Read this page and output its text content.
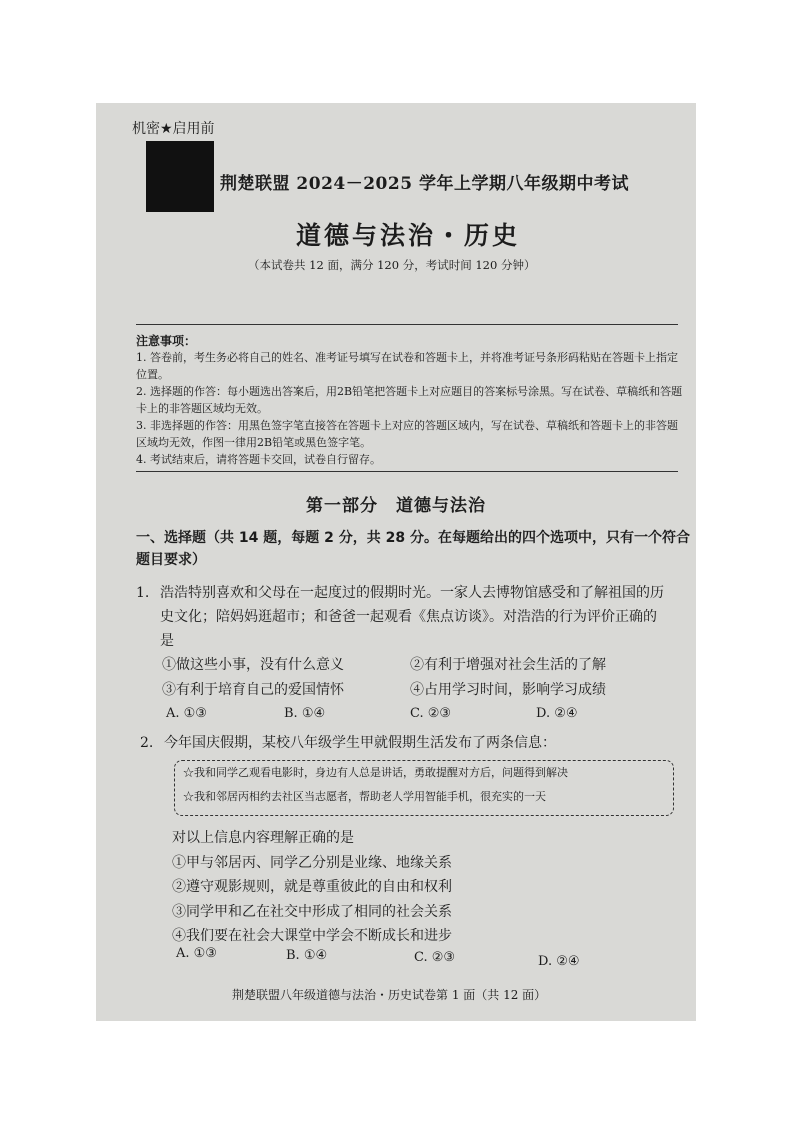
机密★启用前
荆楚联盟 2024－2025 学年上学期八年级期中考试
道德与法治・历史
（本试卷共 12 面，满分 120 分，考试时间 120 分钟）
注意事项：
1. 答卷前，考生务必将自己的姓名、准考证号填写在试卷和答题卡上，并将准考证号条形码粘贴在答题卡上指定位置。
2. 选择题的作答：每小题选出答案后，用2B铅笔把答题卡上对应题目的答案标号涂黑。写在试卷、草稿纸和答题卡上的非答题区域均无效。
3. 非选择题的作答：用黑色签字笔直接答在答题卡上对应的答题区域内，写在试卷、草稿纸和答题卡上的非答题区域均无效，作图一律用2B铅笔或黑色签字笔。
4. 考试结束后，请将答题卡交回，试卷自行留存。
第一部分　道德与法治
一、选择题（共 14 题，每题 2 分，共 28 分。在每题给出的四个选项中，只有一个符合题目要求）
1. 浩浩特别喜欢和父母在一起度过的假期时光。一家人去博物馆感受和了解祖国的历史文化；陪妈妈逛超市；和爸爸一起观看《焦点访谈》。对浩浩的行为评价正确的是
①做这些小事，没有什么意义	②有利于增强对社会生活的了解
③有利于培育自己的爱国情怀	④占用学习时间，影响学习成绩
A. ①③	B. ①④	C. ②③	D. ②④
2. 今年国庆假期，某校八年级学生甲就假期生活发布了两条信息：
☆我和同学乙观看电影时，身边有人总是讲话，勇敢提醒对方后，问题得到解决
☆我和邻居丙相约去社区当志愿者，帮助老人学用智能手机，很充实的一天
对以上信息内容理解正确的是
①甲与邻居丙、同学乙分别是业缘、地缘关系
②遵守观影规则，就是尊重彼此的自由和权利
③同学甲和乙在社交中形成了相同的社会关系
④我们要在社会大课堂中学会不断成长和进步
A. ①③	B. ①④	C. ②③	D. ②④
荆楚联盟八年级道德与法治・历史试卷第 1 面（共 12 面）
